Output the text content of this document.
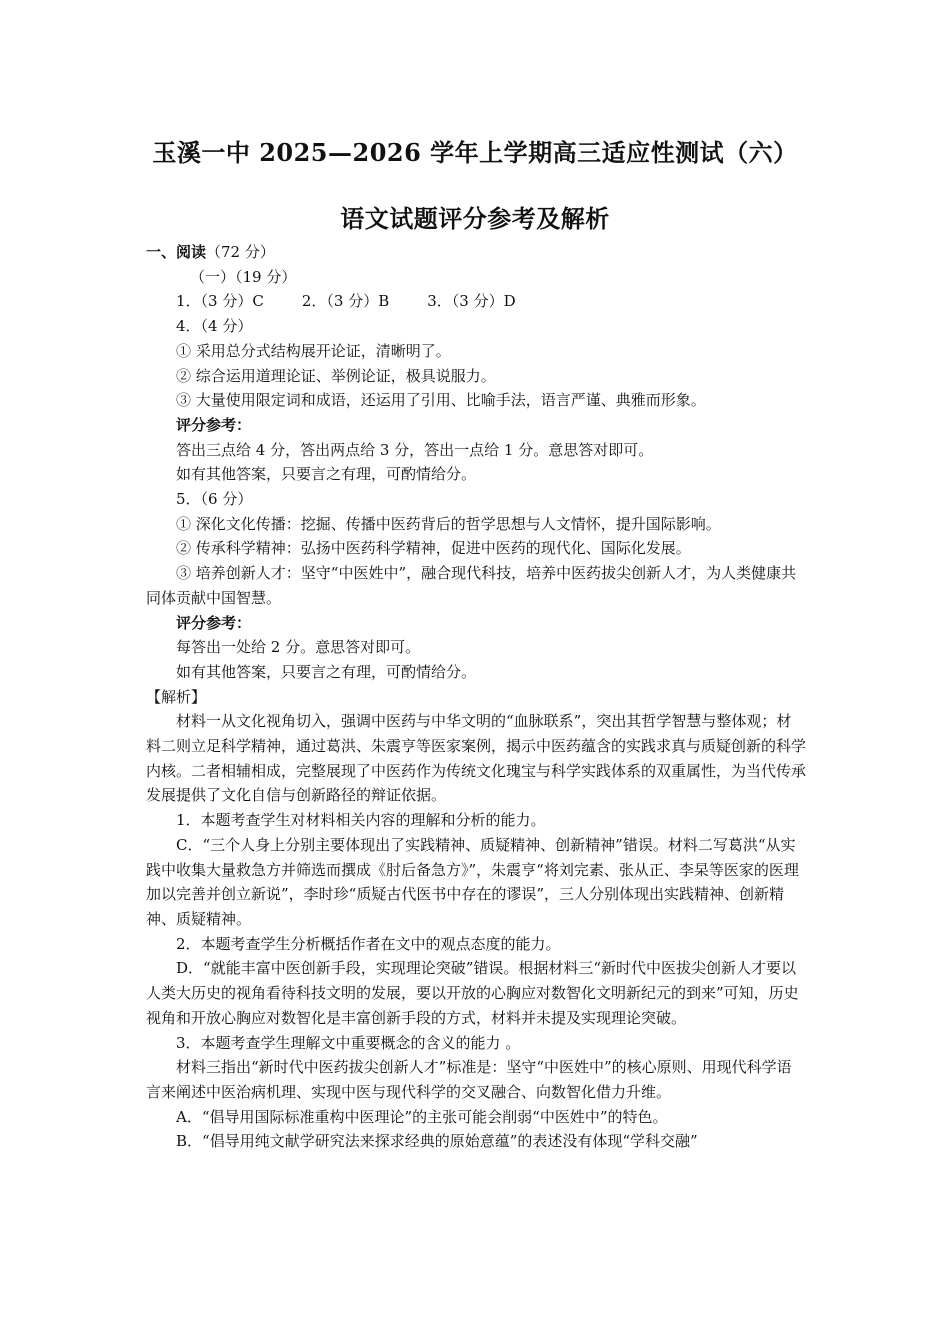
玉溪一中 2025—2026 学年上学期高三适应性测试（六）
语文试题评分参考及解析

一、阅读（72 分）

（一）（19 分）

1．（3 分）C	2．（3 分）B	3．（3 分）D

4．（4 分）

① 采用总分式结构展开论证，清晰明了。

② 综合运用道理论证、举例论证，极具说服力。

③ 大量使用限定词和成语，还运用了引用、比喻手法，语言严谨、典雅而形象。

评分参考：

答出三点给 4 分，答出两点给 3 分，答出一点给 1 分。意思答对即可。

如有其他答案，只要言之有理，可酌情给分。

5．（6 分）

① 深化文化传播：挖掘、传播中医药背后的哲学思想与人文情怀，提升国际影响。

② 传承科学精神：弘扬中医药科学精神，促进中医药的现代化、国际化发展。

③ 培养创新人才：坚守“中医姓中”，融合现代科技，培养中医药拔尖创新人才，为人类健康共同体贡献中国智慧。

评分参考：

每答出一处给 2 分。意思答对即可。

如有其他答案，只要言之有理，可酌情给分。

【解析】

材料一从文化视角切入，强调中医药与中华文明的“血脉联系”，突出其哲学智慧与整体观；材料二则立足科学精神，通过葛洪、朱震亨等医家案例，揭示中医药蕴含的实践求真与质疑创新的科学内核。二者相辅相成，完整展现了中医药作为传统文化瑰宝与科学实践体系的双重属性，为当代传承发展提供了文化自信与创新路径的辩证依据。

1．本题考查学生对材料相关内容的理解和分析的能力。

C．“三个人身上分别主要体现出了实践精神、质疑精神、创新精神”错误。材料二写葛洪“从实践中收集大量救急方并筛选而撰成《肘后备急方》”，朱震亨“将刘完素、张从正、李杲等医家的医理加以完善并创立新说”，李时珍“质疑古代医书中存在的谬误”，三人分别体现出实践精神、创新精神、质疑精神。

2．本题考查学生分析概括作者在文中的观点态度的能力。

D．“就能丰富中医创新手段，实现理论突破”错误。根据材料三“新时代中医拔尖创新人才要以人类大历史的视角看待科技文明的发展，要以开放的心胸应对数智化文明新纪元的到来”可知，历史视角和开放心胸应对数智化是丰富创新手段的方式，材料并未提及实现理论突破。

3．本题考查学生理解文中重要概念的含义的能力 。

材料三指出“新时代中医药拔尖创新人才”标准是：坚守“中医姓中”的核心原则、用现代科学语言来阐述中医治病机理、实现中医与现代科学的交叉融合、向数智化借力升维。

A．“倡导用国际标准重构中医理论”的主张可能会削弱“中医姓中”的特色。

B．“倡导用纯文献学研究法来探求经典的原始意蕴”的表述没有体现“学科交融”
